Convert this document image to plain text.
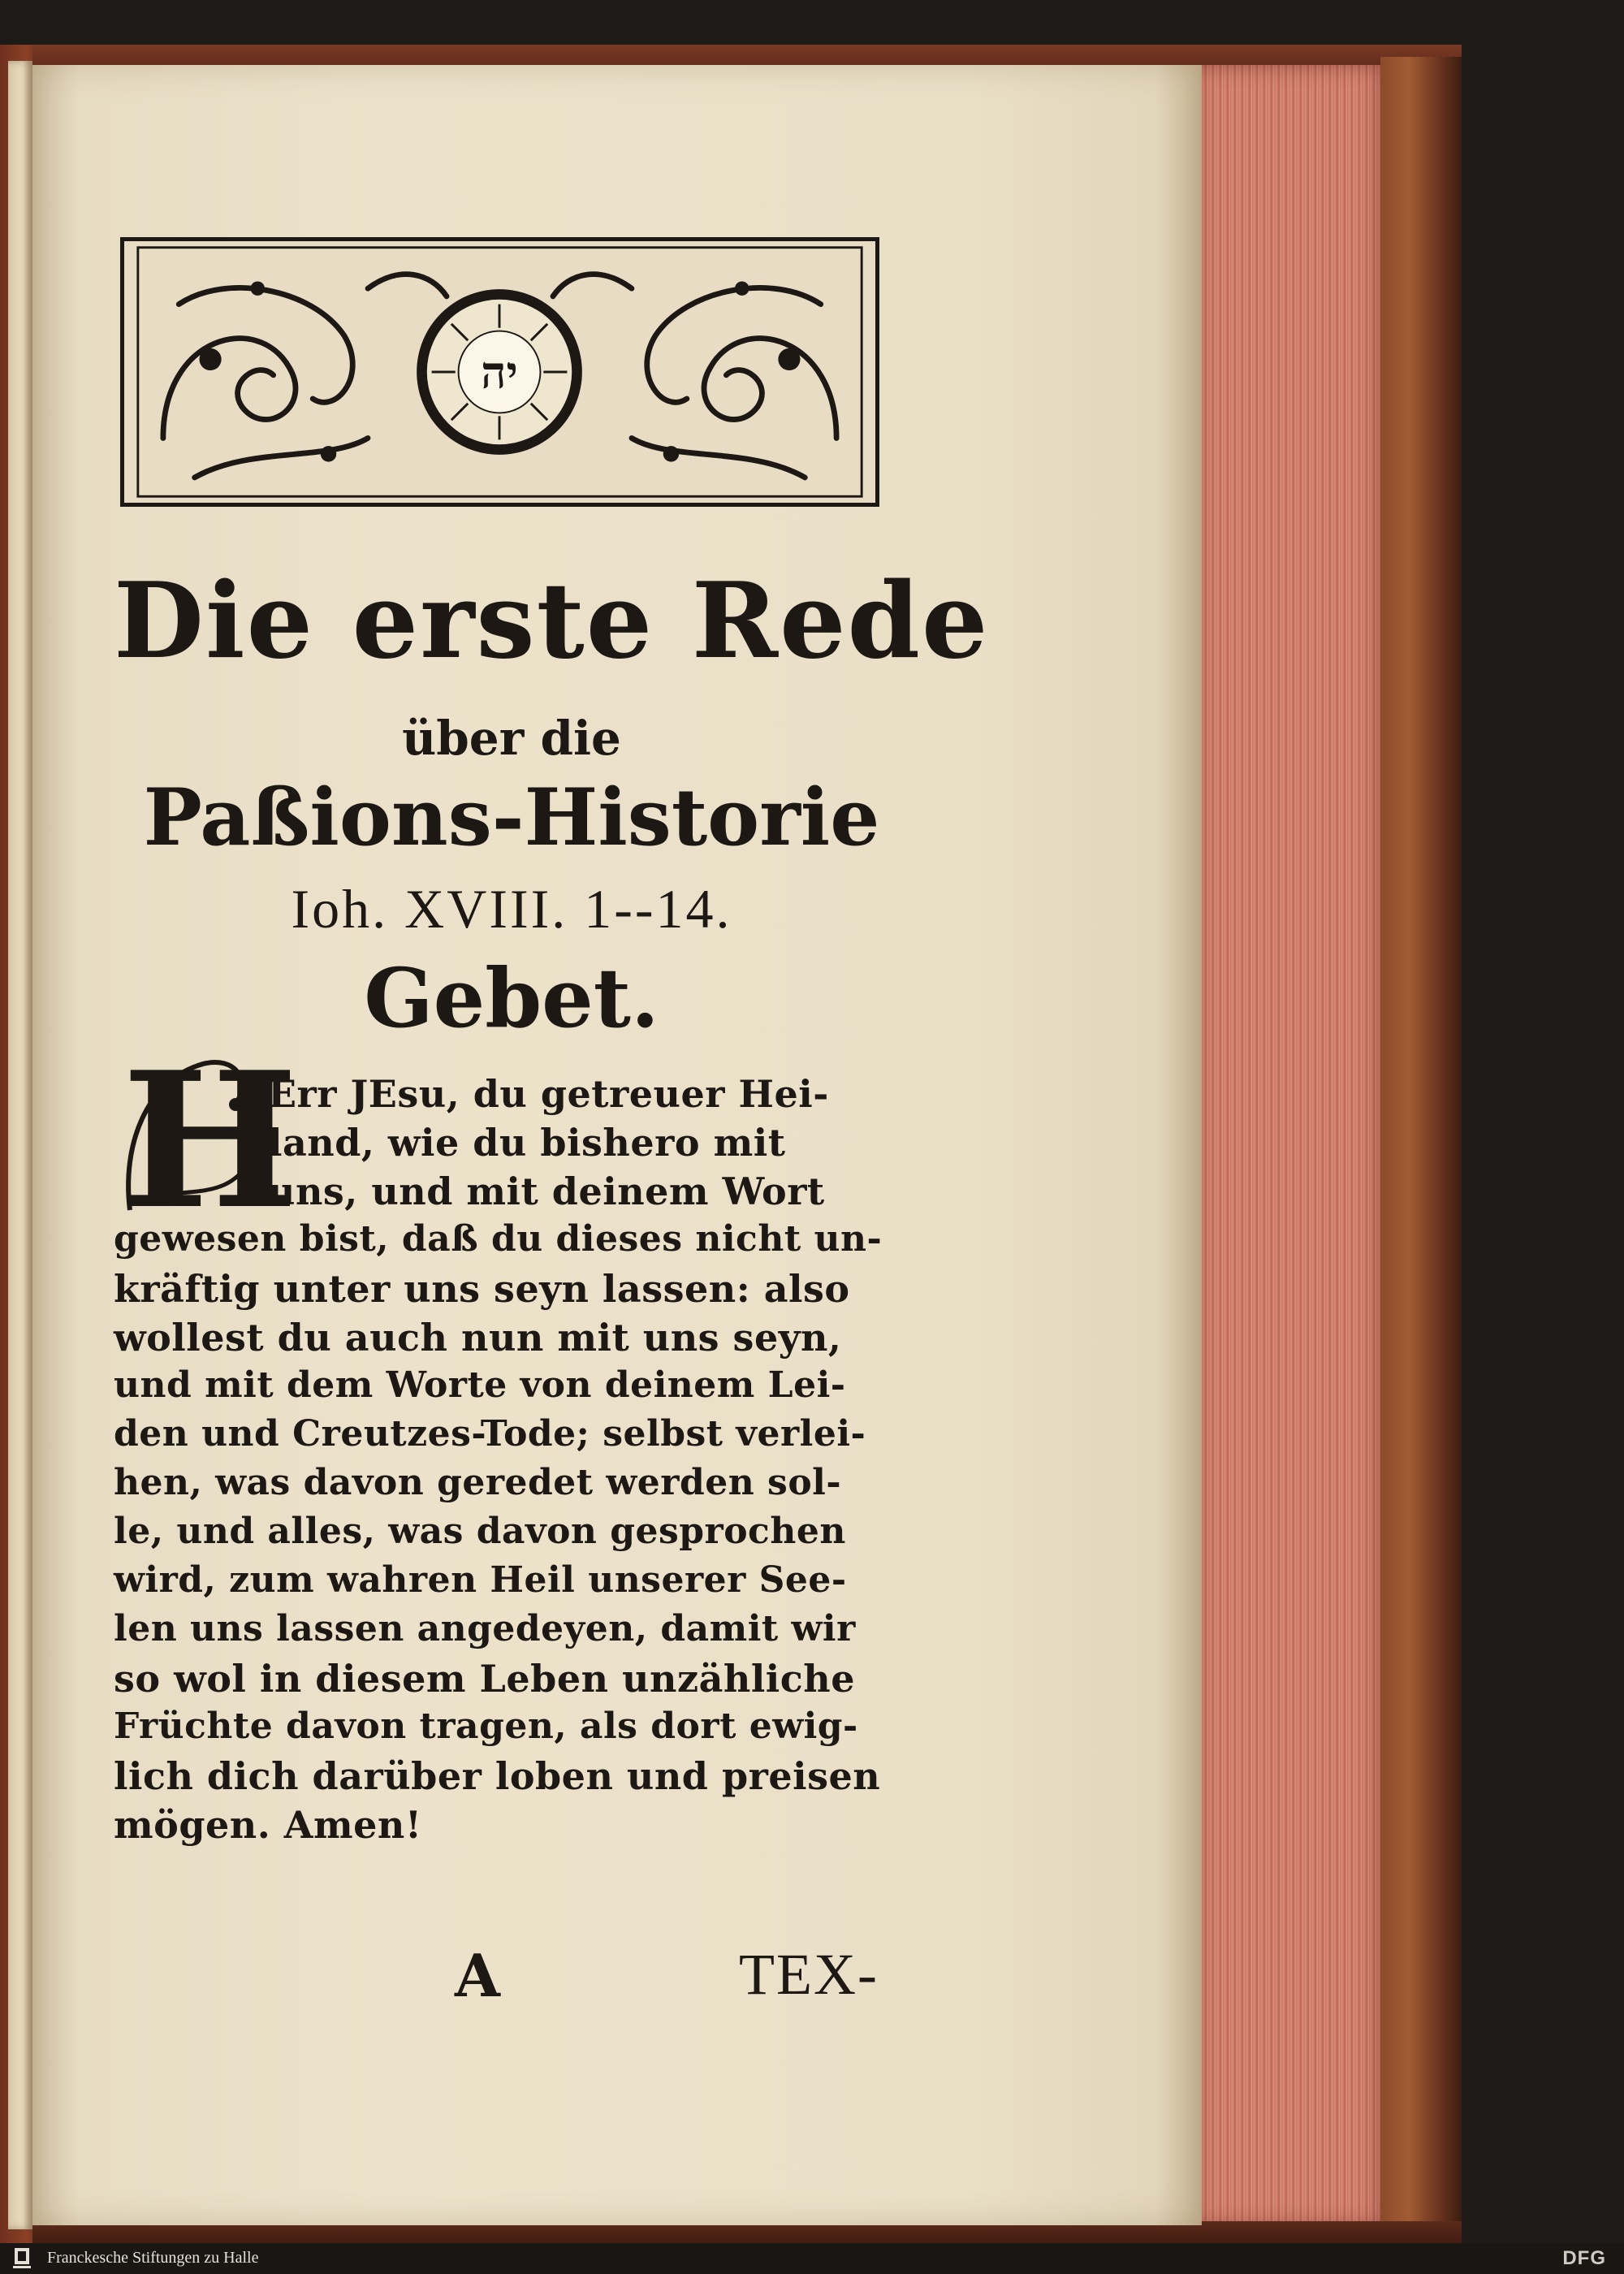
יה
Die erste Rede
über die
Paßions-Historie
Ioh. XVIII. 1--14.
Gebet.
H
Err JEsu, du getreuer Hei-
land, wie du bishero mit
uns, und mit deinem Wort
gewesen bist, daß du dieses nicht un-
kräftig unter uns seyn lassen: also
wollest du auch nun mit uns seyn,
und mit dem Worte von deinem Lei-
den und Creutzes-Tode; selbst verlei-
hen, was davon geredet werden sol-
le, und alles, was davon gesprochen
wird, zum wahren Heil unserer See-
len uns lassen angedeyen, damit wir
so wol in diesem Leben unzähliche
Früchte davon tragen, als dort ewig-
lich dich darüber loben und preisen
mögen. Amen!
A	TEX-
Franckesche Stiftungen zu Halle	DFG
